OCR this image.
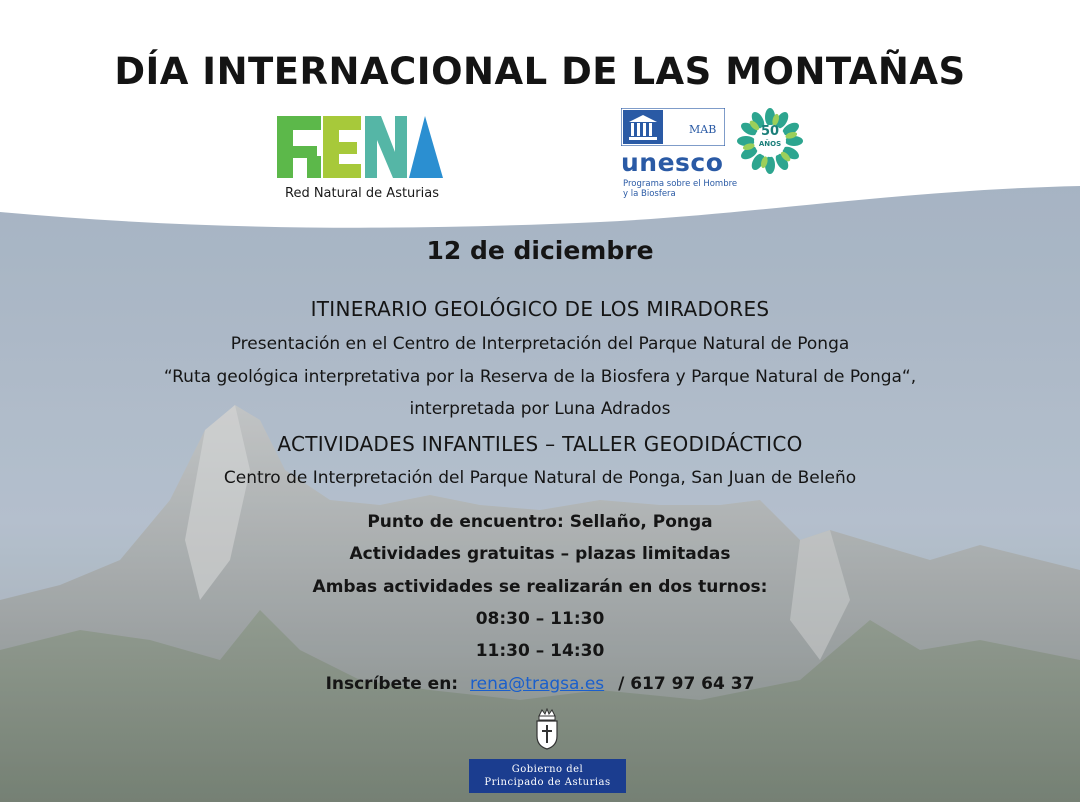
DÍA INTERNACIONAL DE LAS MONTAÑAS
Red Natural de Asturias
MAB
unesco
Programa sobre el Hombre
y la Biosfera
50
AÑOS
12 de diciembre
ITINERARIO GEOLÓGICO DE LOS MIRADORES
Presentación en el Centro de Interpretación del Parque Natural de Ponga
“Ruta geológica interpretativa por la Reserva de la Biosfera y Parque Natural de Ponga“,
interpretada por Luna Adrados
ACTIVIDADES INFANTILES – TALLER GEODIDÁCTICO
Centro de Interpretación del Parque Natural de Ponga, San Juan de Beleño
Punto de encuentro: Sellaño, Ponga
Actividades gratuitas – plazas limitadas
Ambas actividades se realizarán en dos turnos:
08:30 – 11:30
11:30 – 14:30
Inscríbete en: rena@tragsa.es / 617 97 64 37
Gobierno del
Principado de Asturias
